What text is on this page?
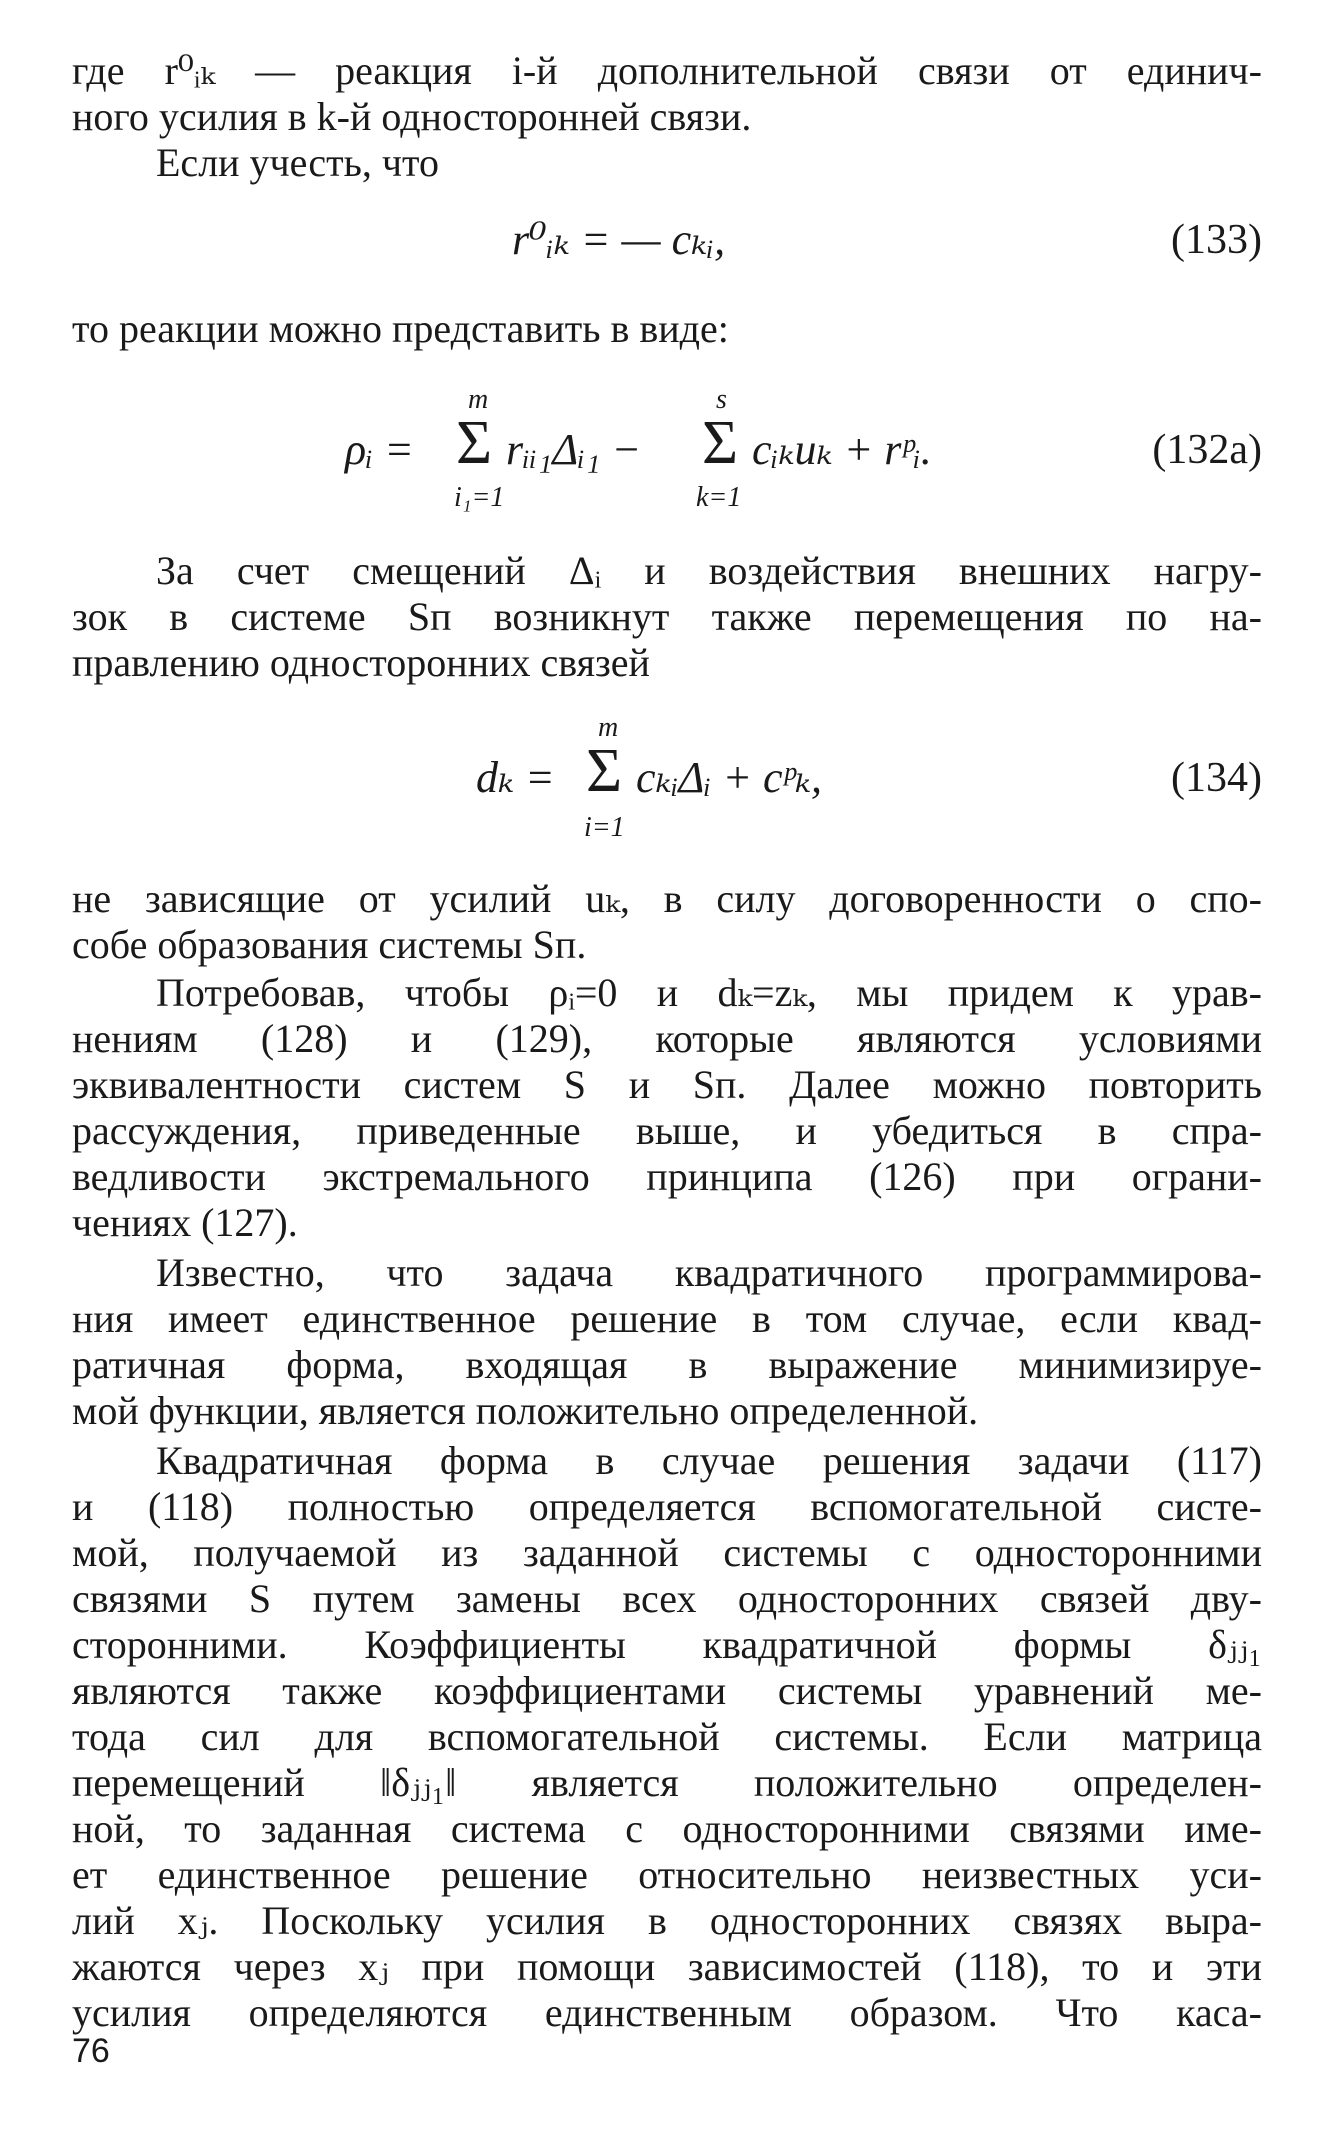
где r⁰ᵢₖ — реакция i-й дополнительной связи от единич-
ного усилия в k-й односторонней связи.
Если учесть, что
r⁰ᵢₖ = — cₖᵢ,	(133)
то реакции можно представить в виде:
ρᵢ =
m
Σ
i₁=1
rᵢᵢ₁Δᵢ₁ −
s
Σ
k=1
cᵢₖuₖ + rᵖᵢ.	(132а)
За счет смещений Δᵢ и воздействия внешних нагру-
зок в системе Sп возникнут также перемещения по на-
правлению односторонних связей
dₖ =
m
Σ
i=1
cₖᵢΔᵢ + cᵖₖ,	(134)
не зависящие от усилий uₖ, в силу договоренности о спо-
собе образования системы Sп.
Потребовав, чтобы ρᵢ=0 и dₖ=zₖ, мы придем к урав-
нениям (128) и (129), которые являются условиями
эквивалентности систем S и Sп. Далее можно повторить
рассуждения, приведенные выше, и убедиться в спра-
ведливости экстремального принципа (126) при ограни-
чениях (127).
Известно, что задача квадратичного программирова-
ния имеет единственное решение в том случае, если квад-
ратичная форма, входящая в выражение минимизируе-
мой функции, является положительно определенной.
Квадратичная форма в случае решения задачи (117)
и (118) полностью определяется вспомогательной систе-
мой, получаемой из заданной системы с односторонними
связями S путем замены всех односторонних связей дву-
сторонними. Коэффициенты квадратичной формы δⱼⱼ₁
являются также коэффициентами системы уравнений ме-
тода сил для вспомогательной системы. Если матрица
перемещений ‖δⱼⱼ₁‖ является положительно определен-
ной, то заданная система с односторонними связями име-
ет единственное решение относительно неизвестных уси-
лий xⱼ. Поскольку усилия в односторонних связях выра-
жаются через xⱼ при помощи зависимостей (118), то и эти
усилия определяются единственным образом. Что каса-
76
